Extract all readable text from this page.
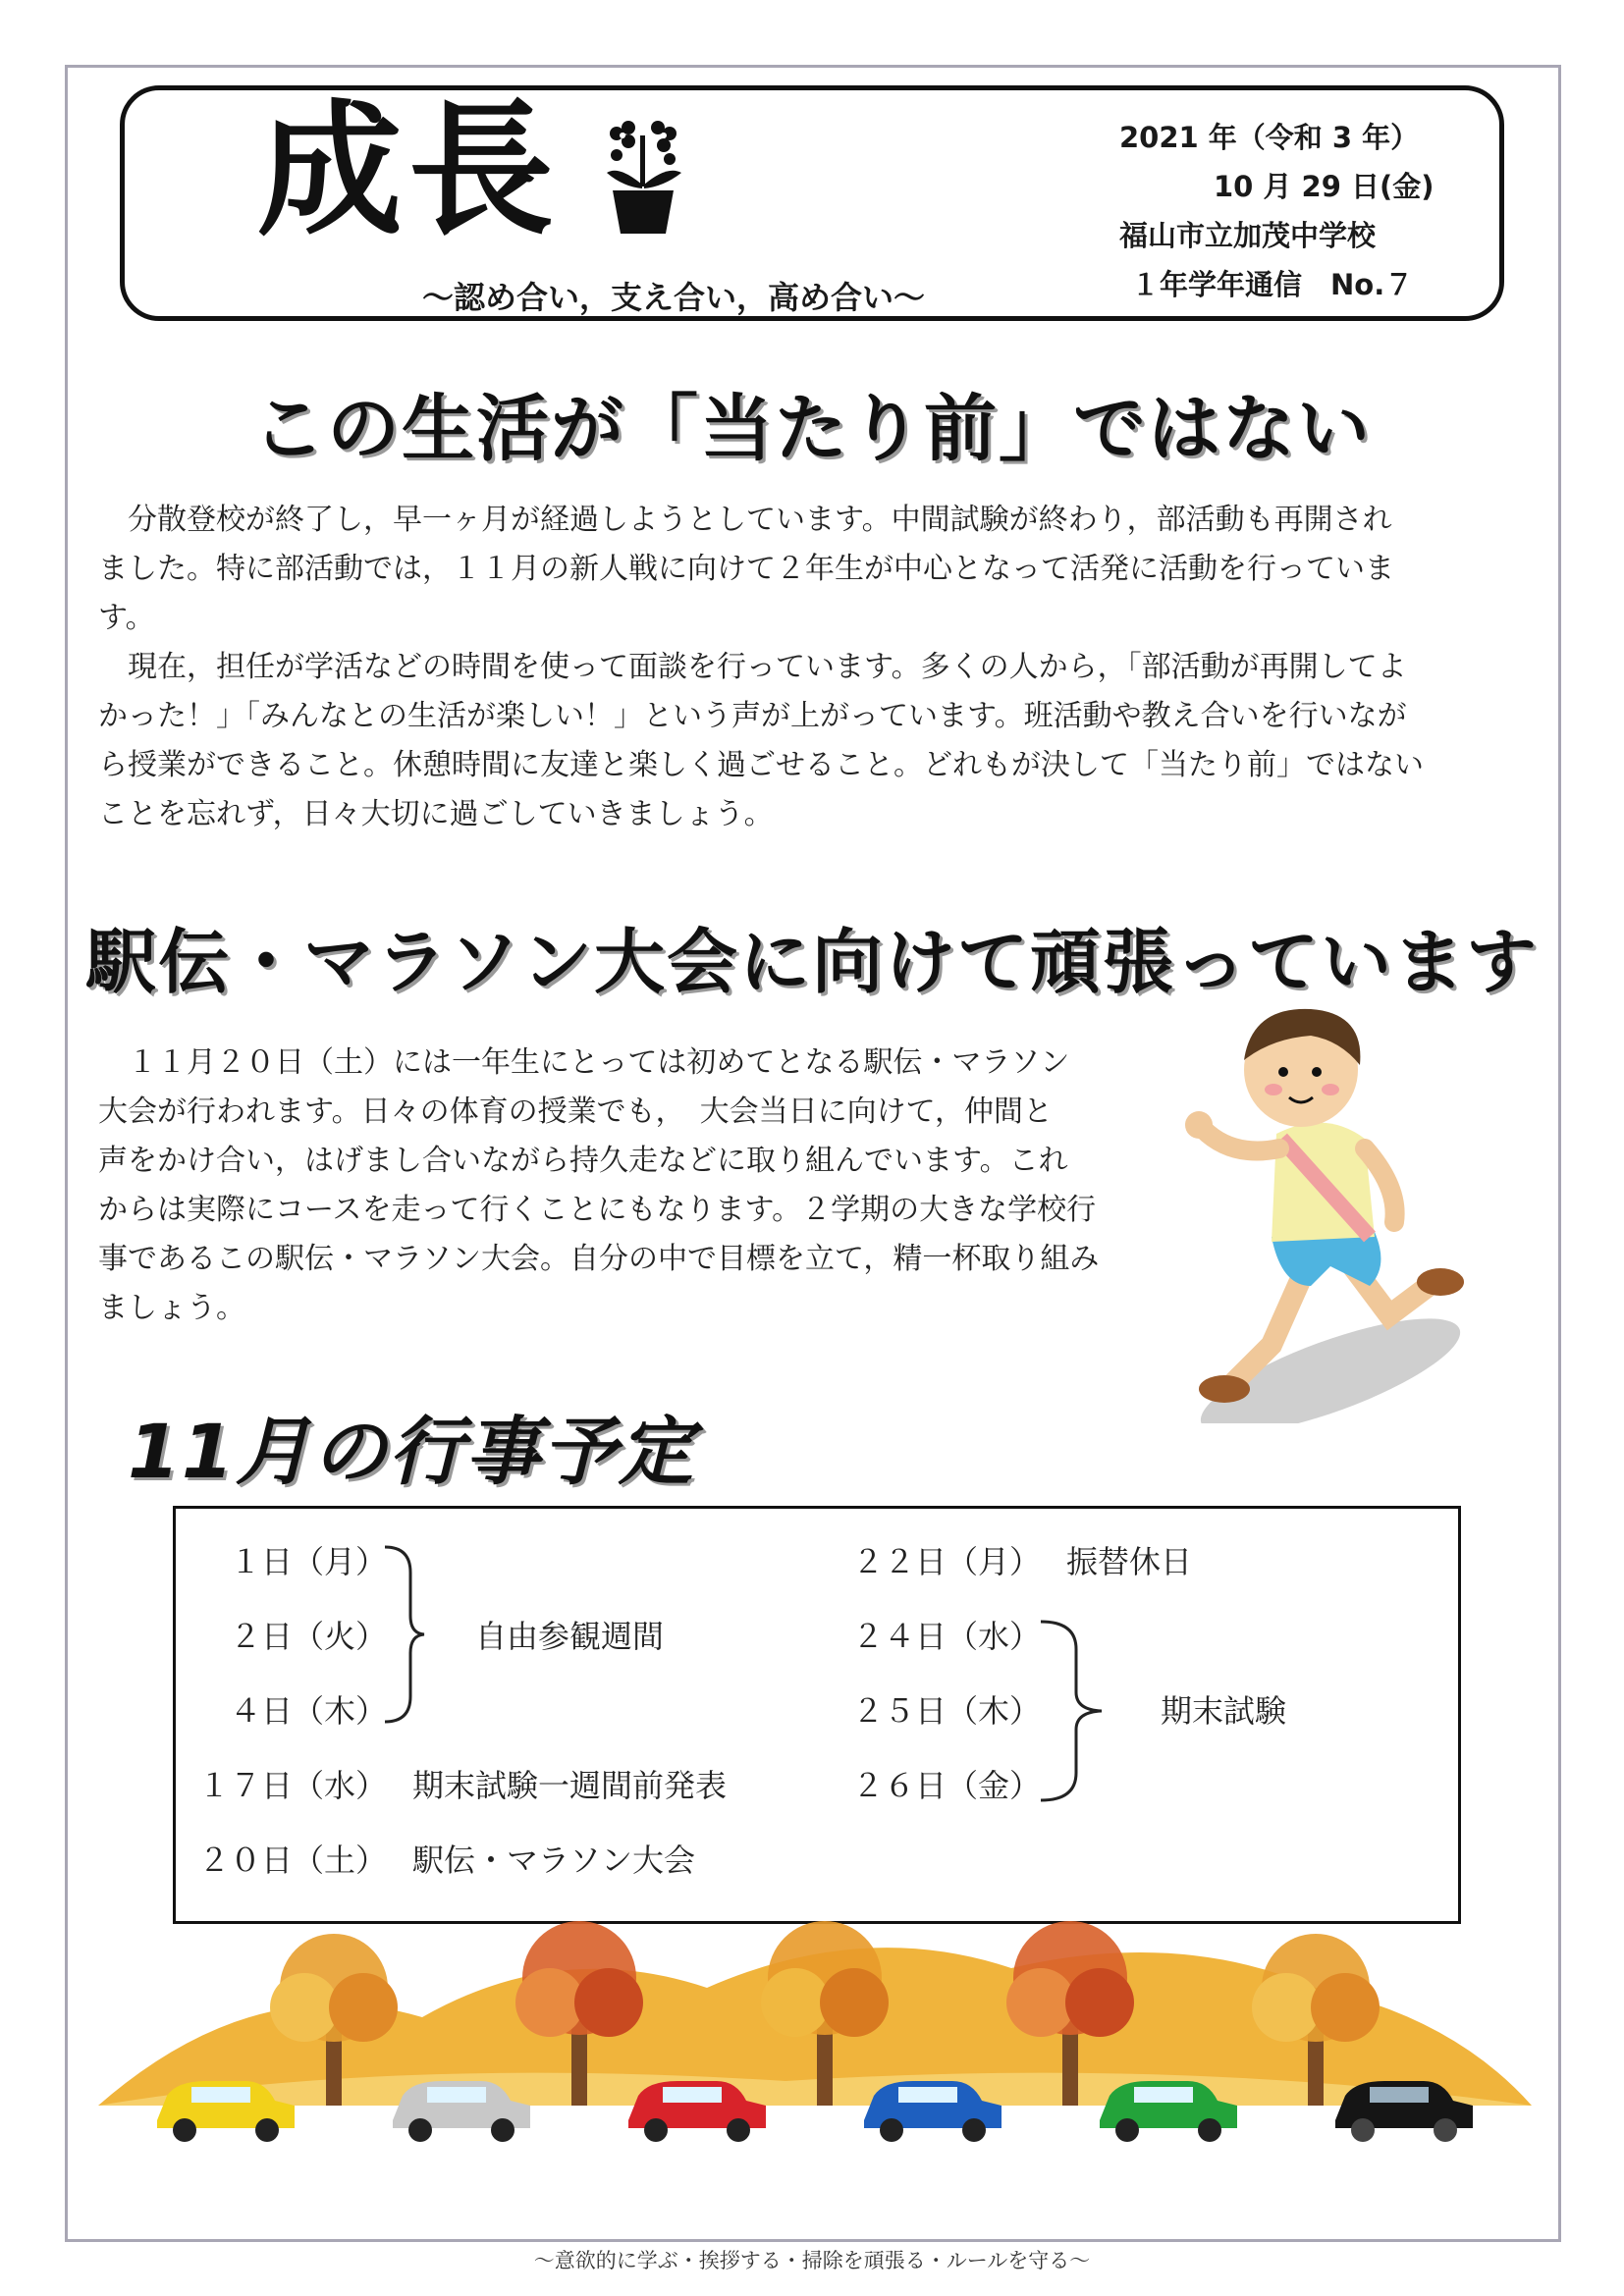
成長
～認め合い，支え合い，高め合い～
2021 年（令和 3 年）
10 月 29 日(金)
福山市立加茂中学校
１年学年通信　No.７
この生活が「当たり前」ではない
　分散登校が終了し，早一ヶ月が経過しようとしています。中間試験が終わり，部活動も再開され
ました。特に部活動では，１１月の新人戦に向けて２年生が中心となって活発に活動を行っていま
す。
　現在，担任が学活などの時間を使って面談を行っています。多くの人から，「部活動が再開してよ
かった！」「みんなとの生活が楽しい！」という声が上がっています。班活動や教え合いを行いなが
ら授業ができること。休憩時間に友達と楽しく過ごせること。どれもが決して「当たり前」ではない
ことを忘れず，日々大切に過ごしていきましょう。
駅伝・マラソン大会に向けて頑張っています
　１１月２０日（土）には一年生にとっては初めてとなる駅伝・マラソン
大会が行われます。日々の体育の授業でも，　大会当日に向けて，仲間と
声をかけ合い，はげまし合いながら持久走などに取り組んでいます。これ
からは実際にコースを走って行くことにもなります。２学期の大きな学校行
事であるこの駅伝・マラソン大会。自分の中で目標を立て，精一杯取り組み
ましょう。
11月の行事予定
１日（月）
２日（火）
４日（木）
１７日（水）
２０日（土）
自由参観週間
期末試験一週間前発表
駅伝・マラソン大会
２２日（月） 振替休日
２４日（水）
２５日（木）
２６日（金）
期末試験
～意欲的に学ぶ・挨拶する・掃除を頑張る・ルールを守る～
